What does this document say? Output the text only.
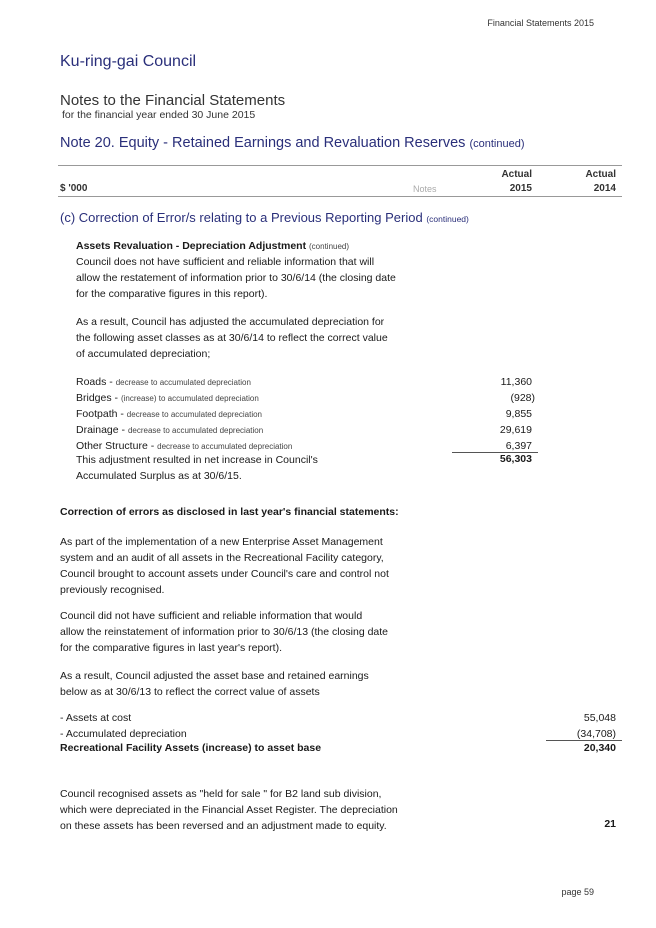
Financial Statements 2015
Ku-ring-gai Council
Notes to the Financial Statements
for the financial year ended 30 June 2015
Note 20. Equity - Retained Earnings and Revaluation Reserves (continued)
Actual	Actual
$ '000	Notes	2015	2014
(c) Correction of Error/s relating to a Previous Reporting Period (continued)
Assets Revaluation - Depreciation Adjustment (continued)
Council does not have sufficient and reliable information that will
allow the restatement of information prior to 30/6/14 (the closing date
for the comparative figures in this report).
As a result, Council has adjusted the accumulated depreciation for
the following asset classes as at 30/6/14 to reflect the correct value
of accumulated depreciation;
Roads - decrease to accumulated depreciation	11,360
Bridges - (increase) to accumulated depreciation	(928)
Footpath - decrease to accumulated depreciation	9,855
Drainage - decrease to accumulated depreciation	29,619
Other Structure - decrease to accumulated depreciation	6,397
This adjustment resulted in net increase in Council's
Accumulated Surplus as at 30/6/15.
56,303
Correction of errors as disclosed in last year's financial statements:
As part of the implementation of a new Enterprise Asset Management
system and an audit of all assets in the Recreational Facility category,
Council brought to account assets under Council's care and control not
previously recognised.
Council did not have sufficient and reliable information that would
allow the reinstatement of information prior to 30/6/13 (the closing date
for the comparative figures in last year's report).
As a result, Council adjusted the asset base and retained earnings
below as at 30/6/13 to reflect the correct value of assets
- Assets at cost	55,048
- Accumulated depreciation	(34,708)
Recreational Facility Assets (increase) to asset base	20,340
Council recognised assets as "held for sale " for B2 land sub division,
which were depreciated in the Financial Asset Register. The depreciation
on these assets has been reversed and an adjustment made to equity.	21
page 59
